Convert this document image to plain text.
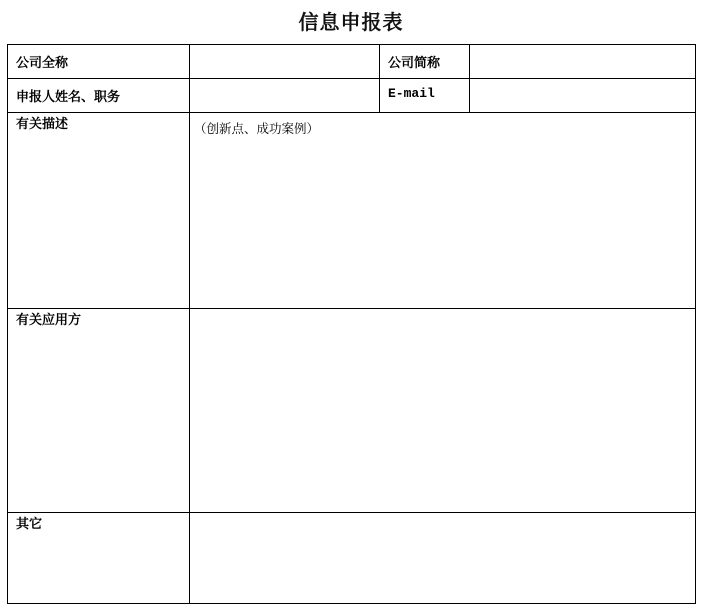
信息申报表
公司全称		公司简称	

申报人姓名、职务		E-mail	

有关描述	（创新点、成功案例）		

有关应用方			

其它			
